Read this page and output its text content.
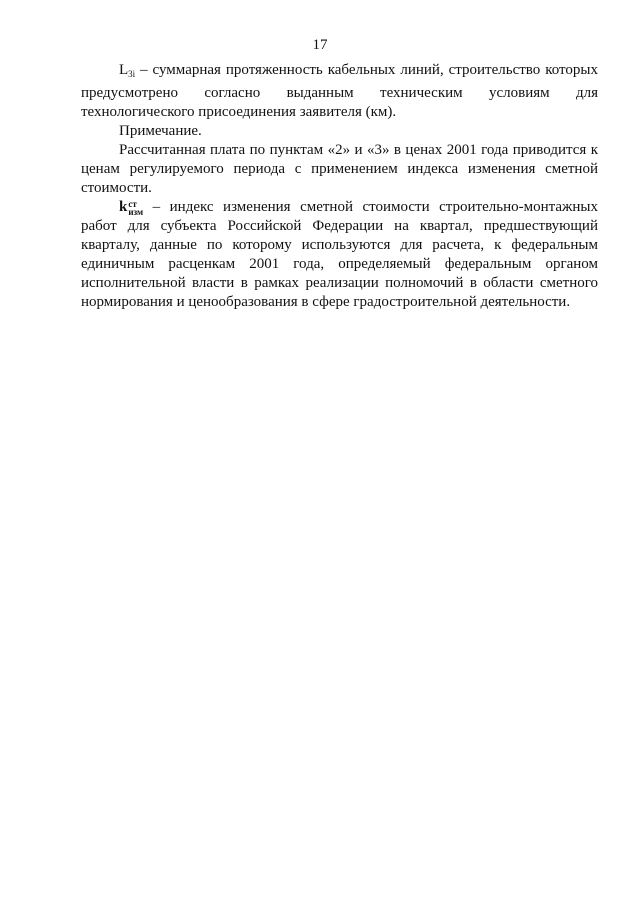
17

$L_{3i}$ – суммарная протяженность кабельных линий, строительство которых предусмотрено согласно выданным техническим условиям для технологического присоединения заявителя (км).

Примечание.

Рассчитанная плата по пунктам «2» и «3» в ценах 2001 года приводится к ценам регулируемого периода с применением индекса изменения сметной стоимости.

k ст
изм – индекс изменения сметной стоимости строительно-монтажных работ для субъекта Российской Федерации на квартал, предшествующий кварталу, данные по которому используются для расчета, к федеральным единичным расценкам 2001 года, определяемый федеральным органом исполнительной власти в рамках реализации полномочий в области сметного нормирования и ценообразования в сфере градостроительной деятельности.
